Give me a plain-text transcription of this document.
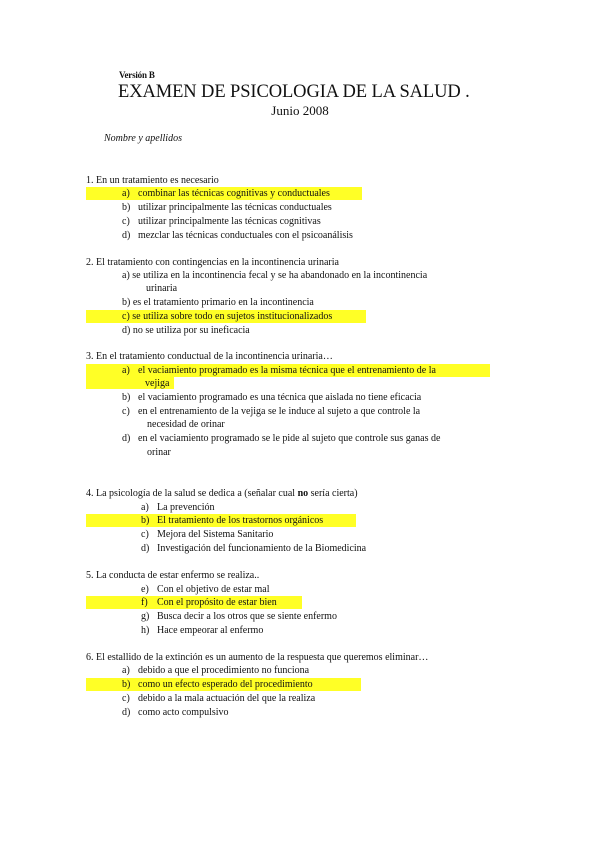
Versión B
EXAMEN DE PSICOLOGIA DE LA SALUD .
Junio 2008
Nombre y apellidos
1. En un tratamiento es necesario
a) combinar las técnicas cognitivas y conductuales
b) utilizar principalmente las técnicas conductuales
c) utilizar principalmente las técnicas cognitivas
d) mezclar las técnicas conductuales con el psicoanálisis
2. El tratamiento con contingencias en la incontinencia urinaria
a) se utiliza en la incontinencia fecal y se ha abandonado en la incontinencia
urinaria
b) es el tratamiento primario en la incontinencia
c) se utiliza sobre todo en sujetos institucionalizados
d) no se utiliza por su ineficacia
3. En el tratamiento conductual de la incontinencia urinaria…
a) el vaciamiento programado es la misma técnica que el entrenamiento de la
vejiga
b) el vaciamiento programado es una técnica que aislada no tiene eficacia
c) en el entrenamiento de la vejiga se le induce al sujeto a que controle la
necesidad de orinar
d) en el vaciamiento programado se le pide al sujeto que controle sus ganas de
orinar
4. La psicología de la salud se dedica a (señalar cual no sería cierta)
a) La prevención
b) El tratamiento de los trastornos orgánicos
c) Mejora del Sistema Sanitario
d) Investigación del funcionamiento de la Biomedicina
5. La conducta de estar enfermo se realiza..
e) Con el objetivo de estar mal
f) Con el propósito de estar bien
g) Busca decir a los otros que se siente enfermo
h) Hace empeorar al enfermo
6. El estallido de la extinción es un aumento de la respuesta que queremos eliminar…
a) debido a que el procedimiento no funciona
b) como un efecto esperado del procedimiento
c) debido a la mala actuación del que la realiza
d) como acto compulsivo
